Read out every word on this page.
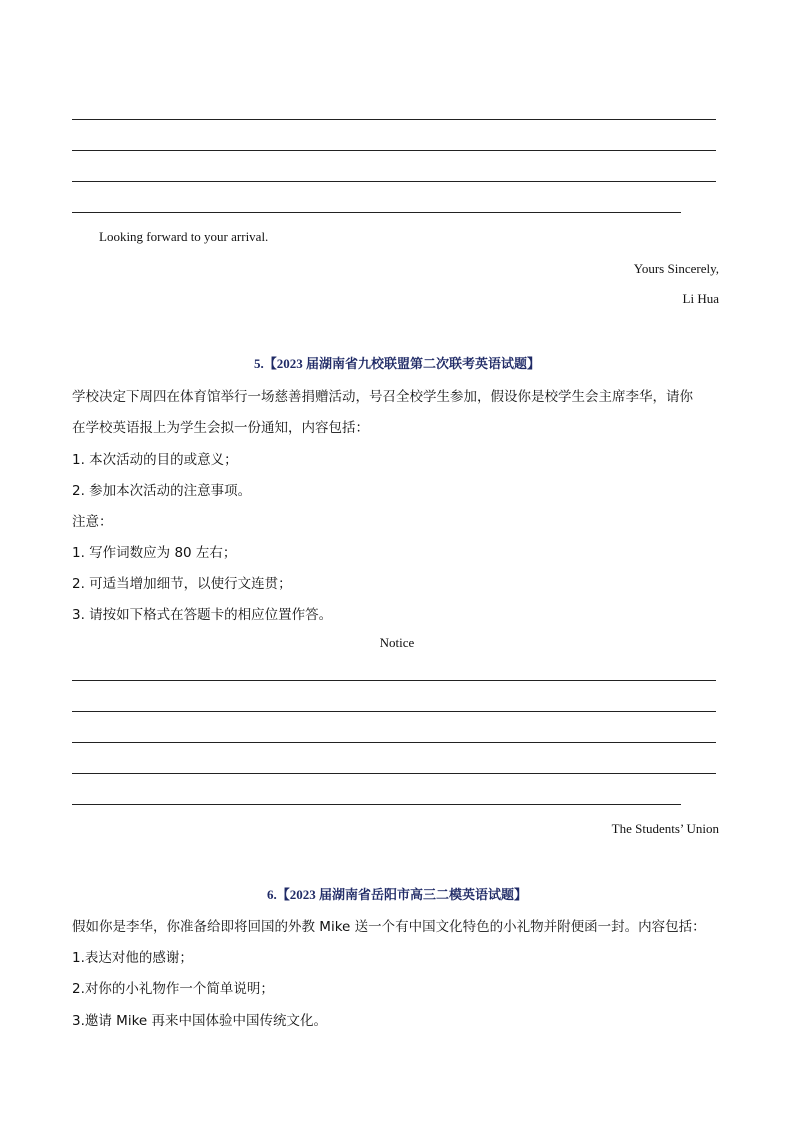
Looking forward to your arrival.
Yours Sincerely,
Li Hua
5.【2023 届湖南省九校联盟第二次联考英语试题】
学校决定下周四在体育馆举行一场慈善捐赠活动，号召全校学生参加，假设你是校学生会主席李华，请你
在学校英语报上为学生会拟一份通知，内容包括：
1. 本次活动的目的或意义；
2. 参加本次活动的注意事项。
注意：
1. 写作词数应为 80 左右；
2. 可适当增加细节，以使行文连贯；
3. 请按如下格式在答题卡的相应位置作答。
Notice
The Students’ Union
6.【2023 届湖南省岳阳市高三二模英语试题】
假如你是李华，你准备给即将回国的外教 Mike 送一个有中国文化特色的小礼物并附便函一封。内容包括：
1.表达对他的感谢；
2.对你的小礼物作一个简单说明；
3.邀请 Mike 再来中国体验中国传统文化。
